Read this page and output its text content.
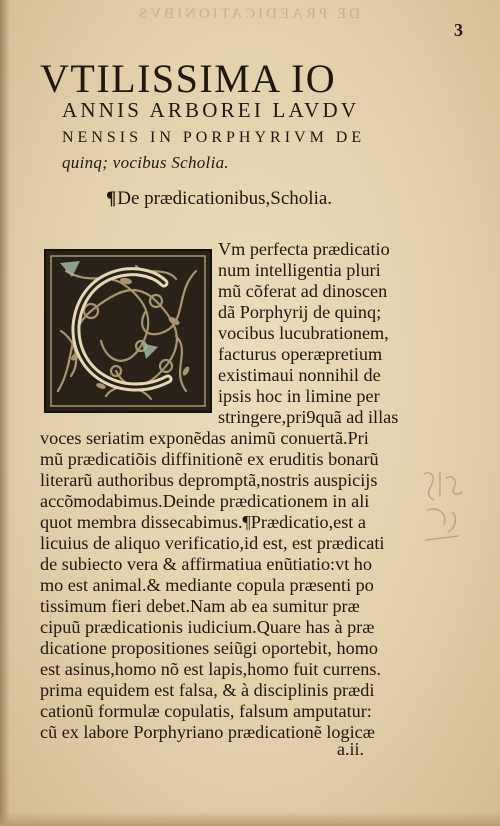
DE PRAEDICATIONIBVS
3
VTILISSIMA IO
ANNIS ARBOREI LAVDV
NENSIS IN PORPHYRIVM DE
quinq; vocibus Scholia.
¶De prædicationibus,Scholia.
Vm perfecta prædicatio
num intelligentia pluri
mũ cõferat ad dinoscen
dã Porphyrij de quinq;
vocibus lucubrationem,
facturus operæpretium
existimaui nonnihil de
ipsis hoc in limine per
stringere,pri9quã ad illas
voces seriatim exponẽdas animũ conuertã.Pri
mũ prædicatiõis diffinitionẽ ex eruditis bonarũ
literarũ authoribus depromptã,nostris auspicijs
accõmodabimus.Deinde prædicationem in ali
quot membra dissecabimus.¶Prædicatio,est a
licuius de aliquo verificatio,id est, est prædicati
de subiecto vera & affirmatiua enũtiatio:vt ho
mo est animal.& mediante copula præsenti po
tissimum fieri debet.Nam ab ea sumitur præ
cipuũ prædicationis iudicium.Quare has à præ
dicatione propositiones seiũgi oportebit, homo
est asinus,homo nõ est lapis,homo fuit currens.
prima equidem est falsa, & à disciplinis prædi
cationũ formulæ copulatis, falsum amputatur:
cũ ex labore Porphyriano prædicationẽ logicæ
a.ii.
